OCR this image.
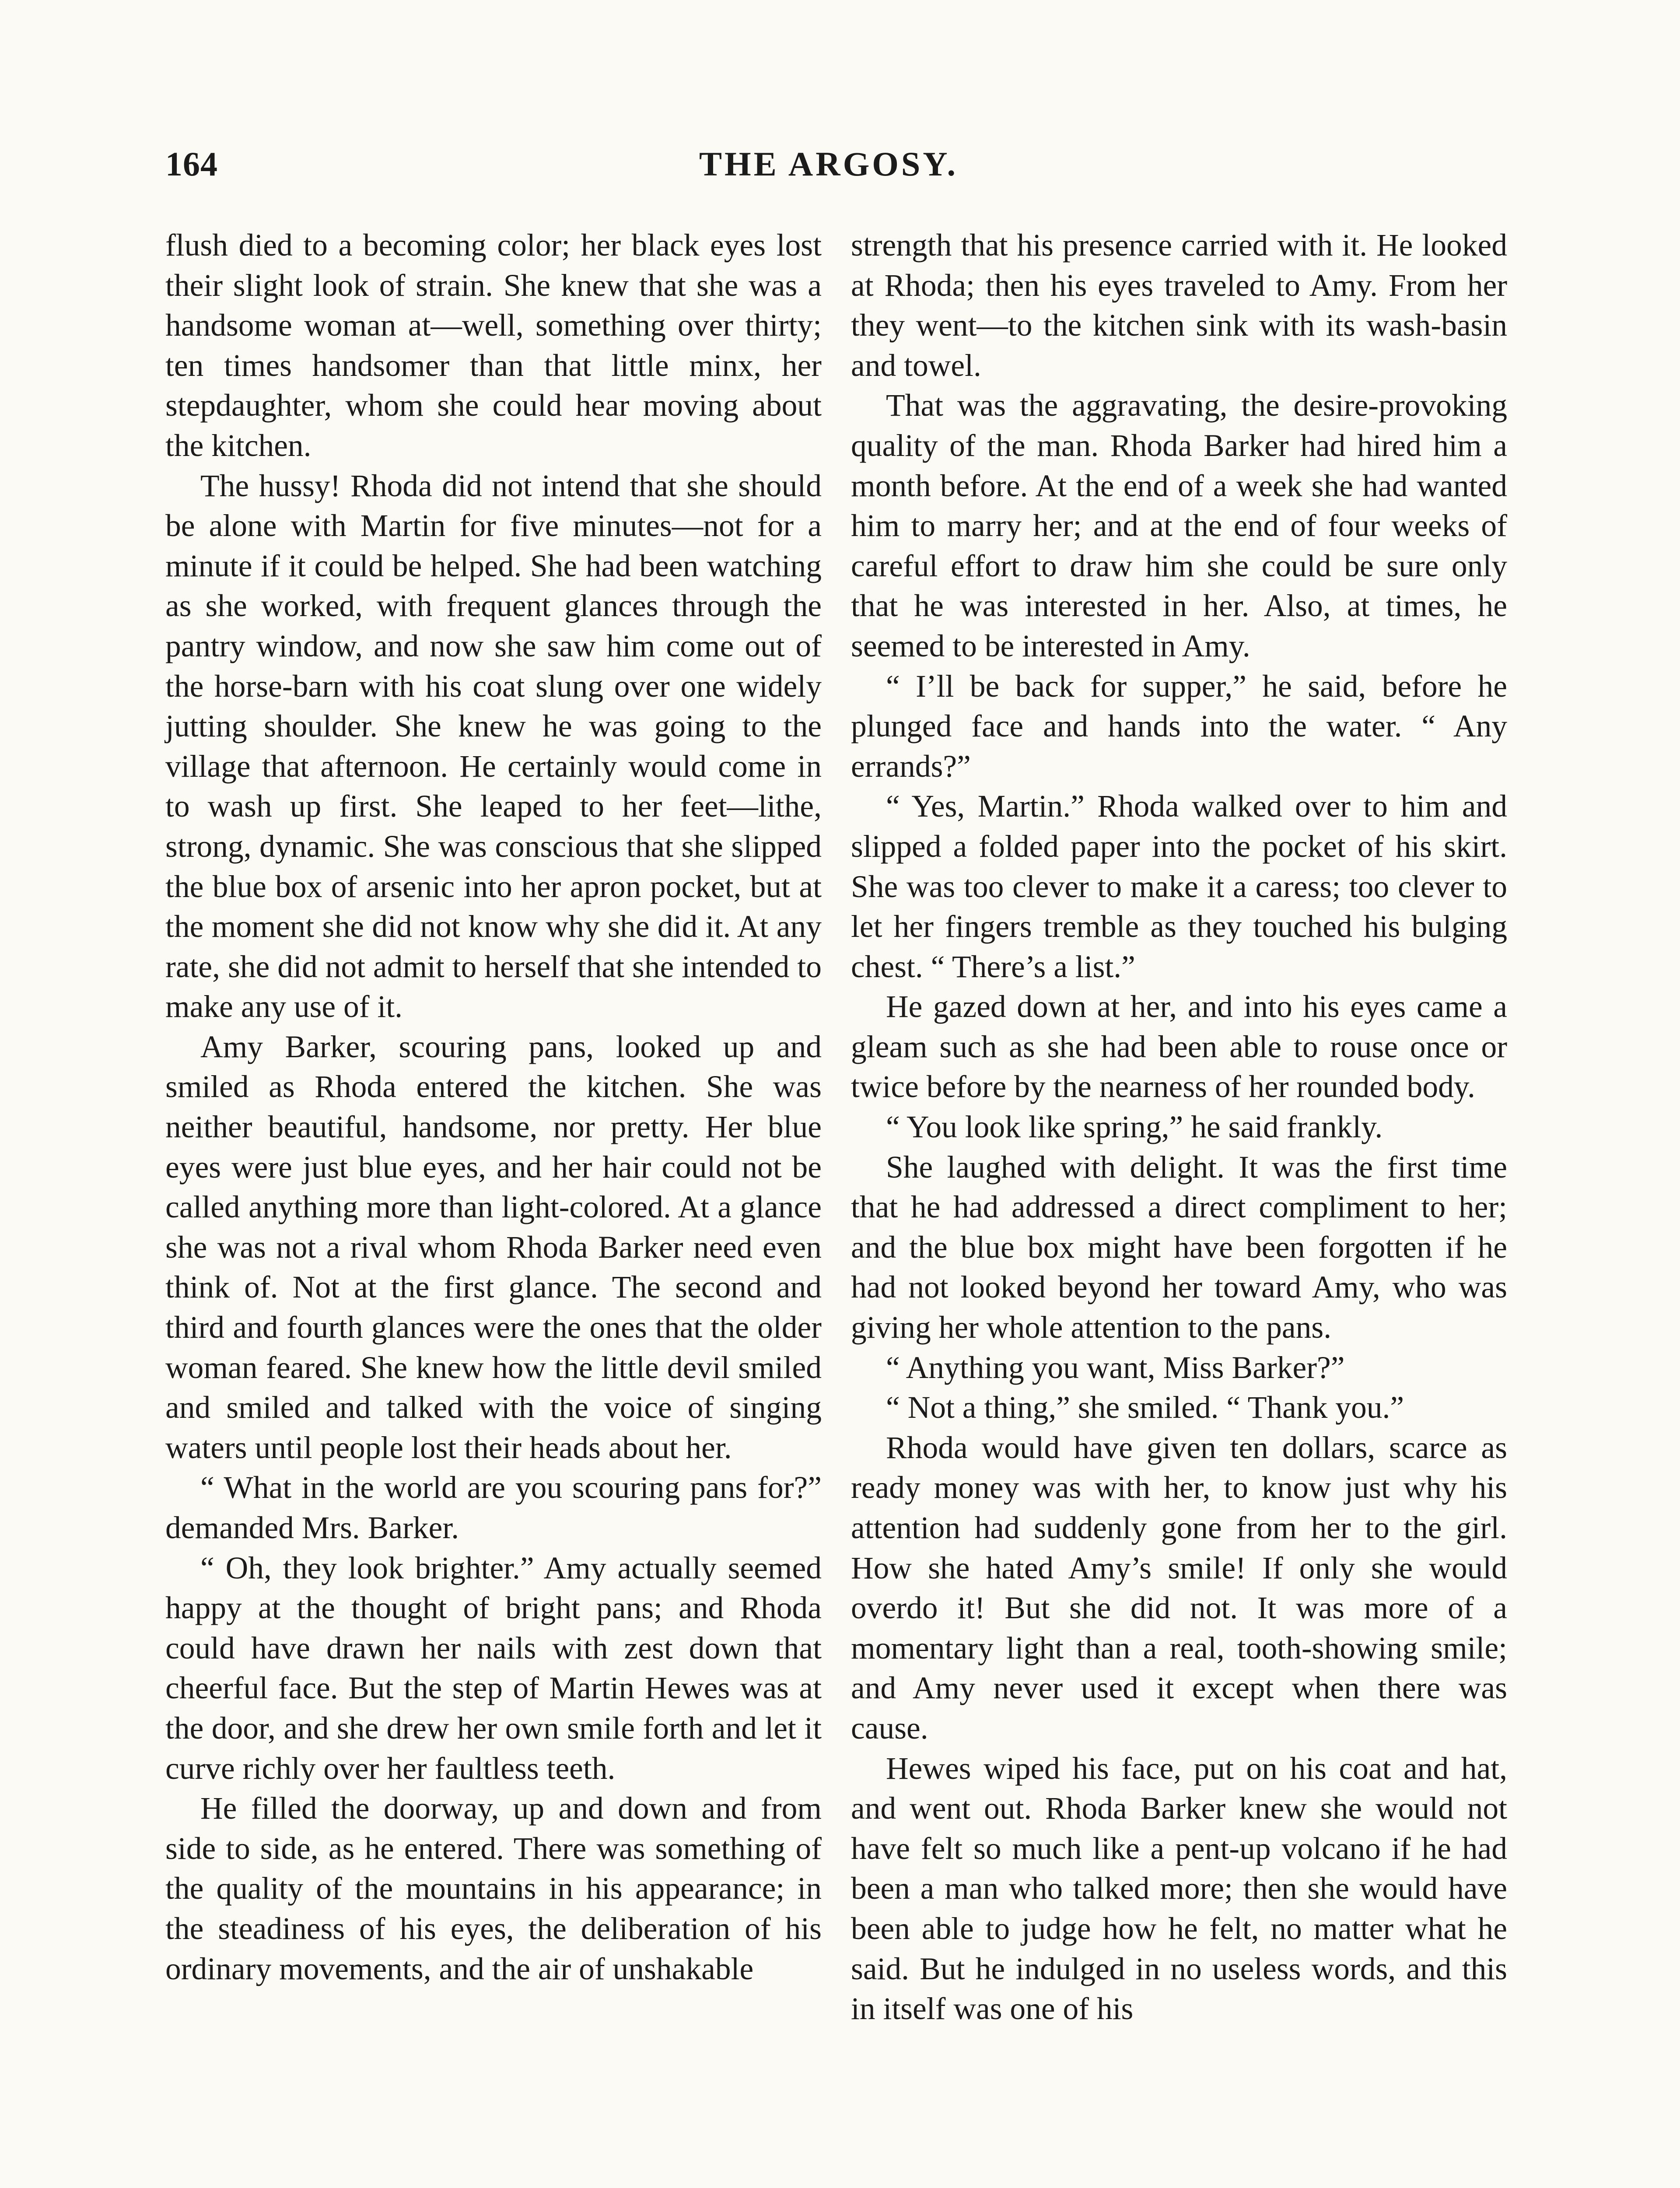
164	THE ARGOSY.

flush died to a becoming color; her black eyes lost their slight look of strain. She knew that she was a handsome woman at—well, something over thirty; ten times handsomer than that little minx, her stepdaughter, whom she could hear moving about the kitchen.

The hussy! Rhoda did not intend that she should be alone with Martin for five minutes—not for a minute if it could be helped. She had been watching as she worked, with frequent glances through the pantry window, and now she saw him come out of the horse-barn with his coat slung over one widely jutting shoulder. She knew he was going to the village that afternoon. He certainly would come in to wash up first. She leaped to her feet—lithe, strong, dynamic. She was conscious that she slipped the blue box of arsenic into her apron pocket, but at the moment she did not know why she did it. At any rate, she did not admit to herself that she intended to make any use of it.

Amy Barker, scouring pans, looked up and smiled as Rhoda entered the kitchen. She was neither beautiful, handsome, nor pretty. Her blue eyes were just blue eyes, and her hair could not be called anything more than light-colored. At a glance she was not a rival whom Rhoda Barker need even think of. Not at the first glance. The second and third and fourth glances were the ones that the older woman feared. She knew how the little devil smiled and smiled and talked with the voice of singing waters until people lost their heads about her.

“ What in the world are you scouring pans for?” demanded Mrs. Barker.

“ Oh, they look brighter.” Amy actually seemed happy at the thought of bright pans; and Rhoda could have drawn her nails with zest down that cheerful face. But the step of Martin Hewes was at the door, and she drew her own smile forth and let it curve richly over her faultless teeth.

He filled the doorway, up and down and from side to side, as he entered. There was something of the quality of the mountains in his appearance; in the steadiness of his eyes, the deliberation of his ordinary movements, and the air of unshakable

strength that his presence carried with it. He looked at Rhoda; then his eyes traveled to Amy. From her they went—to the kitchen sink with its wash-basin and towel.

That was the aggravating, the desire-provoking quality of the man. Rhoda Barker had hired him a month before. At the end of a week she had wanted him to marry her; and at the end of four weeks of careful effort to draw him she could be sure only that he was interested in her. Also, at times, he seemed to be interested in Amy.

“ I’ll be back for supper,” he said, before he plunged face and hands into the water. “ Any errands?”

“ Yes, Martin.” Rhoda walked over to him and slipped a folded paper into the pocket of his skirt. She was too clever to make it a caress; too clever to let her fingers tremble as they touched his bulging chest. “ There’s a list.”

He gazed down at her, and into his eyes came a gleam such as she had been able to rouse once or twice before by the nearness of her rounded body.

“ You look like spring,” he said frankly.

She laughed with delight. It was the first time that he had addressed a direct compliment to her; and the blue box might have been forgotten if he had not looked beyond her toward Amy, who was giving her whole attention to the pans.

“ Anything you want, Miss Barker?”

“ Not a thing,” she smiled. “ Thank you.”

Rhoda would have given ten dollars, scarce as ready money was with her, to know just why his attention had suddenly gone from her to the girl. How she hated Amy’s smile! If only she would overdo it! But she did not. It was more of a momentary light than a real, tooth-showing smile; and Amy never used it except when there was cause.

Hewes wiped his face, put on his coat and hat, and went out. Rhoda Barker knew she would not have felt so much like a pent-up volcano if he had been a man who talked more; then she would have been able to judge how he felt, no matter what he said. But he indulged in no useless words, and this in itself was one of his
